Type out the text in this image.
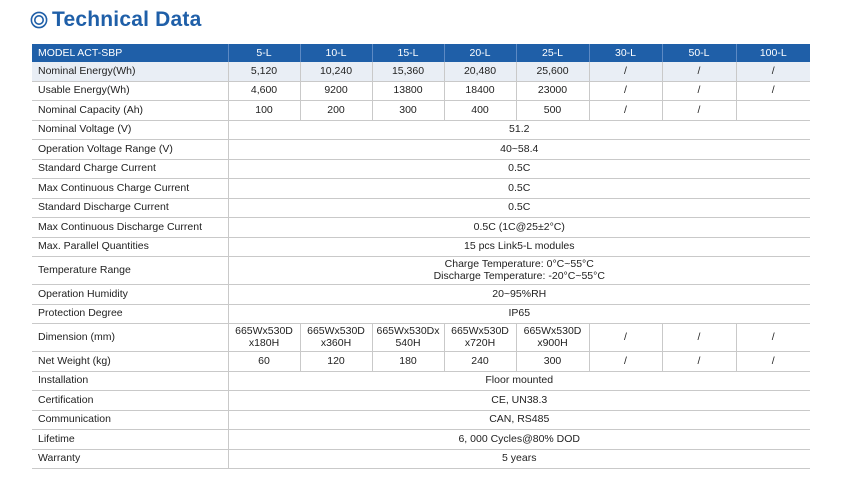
Technical Data
MODEL ACT-SBP	5-L	10-L	15-L	20-L	25-L	30-L	50-L	100-L
Nominal Energy(Wh)	5,120	10,240	15,360	20,480	25,600	/	/	/
Usable Energy(Wh)	4,600	9200	13800	18400	23000	/	/	/
Nominal Capacity (Ah)	100	200	300	400	500	/	/	
Nominal Voltage (V)	51.2							
Operation Voltage Range (V)	40~58.4							
Standard Charge Current	0.5C							
Max Continuous Charge Current	0.5C							
Standard Discharge Current	0.5C							
Max Continuous Discharge Current	0.5C (1C@25±2°C)							
Max. Parallel Quantities	15 pcs Link5-L modules							
Temperature Range	Charge Temperature: 0°C~55°C
Discharge Temperature: -20°C~55°C							

Operation Humidity	20~95%RH							
Protection Degree	IP65							
Dimension (mm)	665Wx530D x180H	665Wx530D x360H	665Wx530Dx 540H	665Wx530D x720H	665Wx530D x900H	/	/	/
Net Weight (kg)	60	120	180	240	300	/	/	/
Installation	Floor mounted							
Certification	CE, UN38.3							
Communication	CAN, RS485							
Lifetime	6, 000 Cycles@80% DOD							
Warranty	5 years							
